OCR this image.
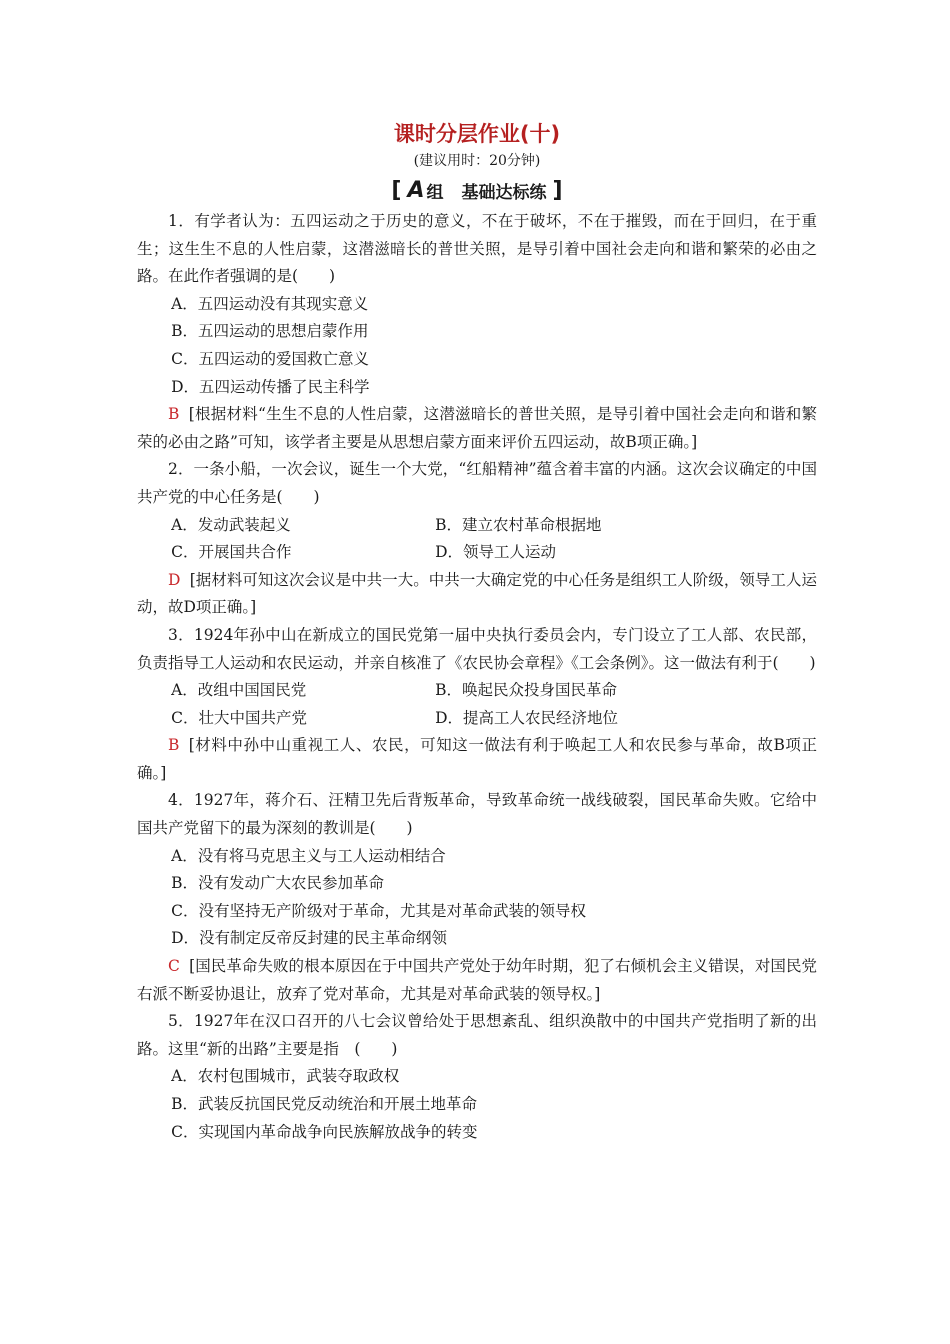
课时分层作业(十)
(建议用时：20分钟)
[ A 组 基础达标练 ]

1．有学者认为：五四运动之于历史的意义，不在于破坏，不在于摧毁，而在于回归，在于重生；这生生不息的人性启蒙，这潜滋暗长的普世关照，是导引着中国社会走向和谐和繁荣的必由之路。在此作者强调的是(　　)

A．五四运动没有其现实意义
B．五四运动的思想启蒙作用
C．五四运动的爱国救亡意义
D．五四运动传播了民主科学

B [根据材料“生生不息的人性启蒙，这潜滋暗长的普世关照，是导引着中国社会走向和谐和繁荣的必由之路”可知，该学者主要是从思想启蒙方面来评价五四运动，故B项正确。]

2．一条小船，一次会议，诞生一个大党，“红船精神”蕴含着丰富的内涵。这次会议确定的中国共产党的中心任务是(　　)

A．发动武装起义	B．建立农村革命根据地
C．开展国共合作	D．领导工人运动

D [据材料可知这次会议是中共一大。中共一大确定党的中心任务是组织工人阶级，领导工人运动，故D项正确。]

3．1924年孙中山在新成立的国民党第一届中央执行委员会内，专门设立了工人部、农民部，负责指导工人运动和农民运动，并亲自核准了《农民协会章程》《工会条例》。这一做法有利于(　　)

A．改组中国国民党	B．唤起民众投身国民革命
C．壮大中国共产党	D．提高工人农民经济地位

B [材料中孙中山重视工人、农民，可知这一做法有利于唤起工人和农民参与革命，故B项正确。]

4．1927年，蒋介石、汪精卫先后背叛革命，导致革命统一战线破裂，国民革命失败。它给中国共产党留下的最为深刻的教训是(　　)

A．没有将马克思主义与工人运动相结合
B．没有发动广大农民参加革命
C．没有坚持无产阶级对于革命，尤其是对革命武装的领导权
D．没有制定反帝反封建的民主革命纲领

C [国民革命失败的根本原因在于中国共产党处于幼年时期，犯了右倾机会主义错误，对国民党右派不断妥协退让，放弃了党对革命，尤其是对革命武装的领导权。]

5．1927年在汉口召开的八七会议曾给处于思想紊乱、组织涣散中的中国共产党指明了新的出路。这里“新的出路”主要是指　(　　)

A．农村包围城市，武装夺取政权
B．武装反抗国民党反动统治和开展土地革命
C．实现国内革命战争向民族解放战争的转变
